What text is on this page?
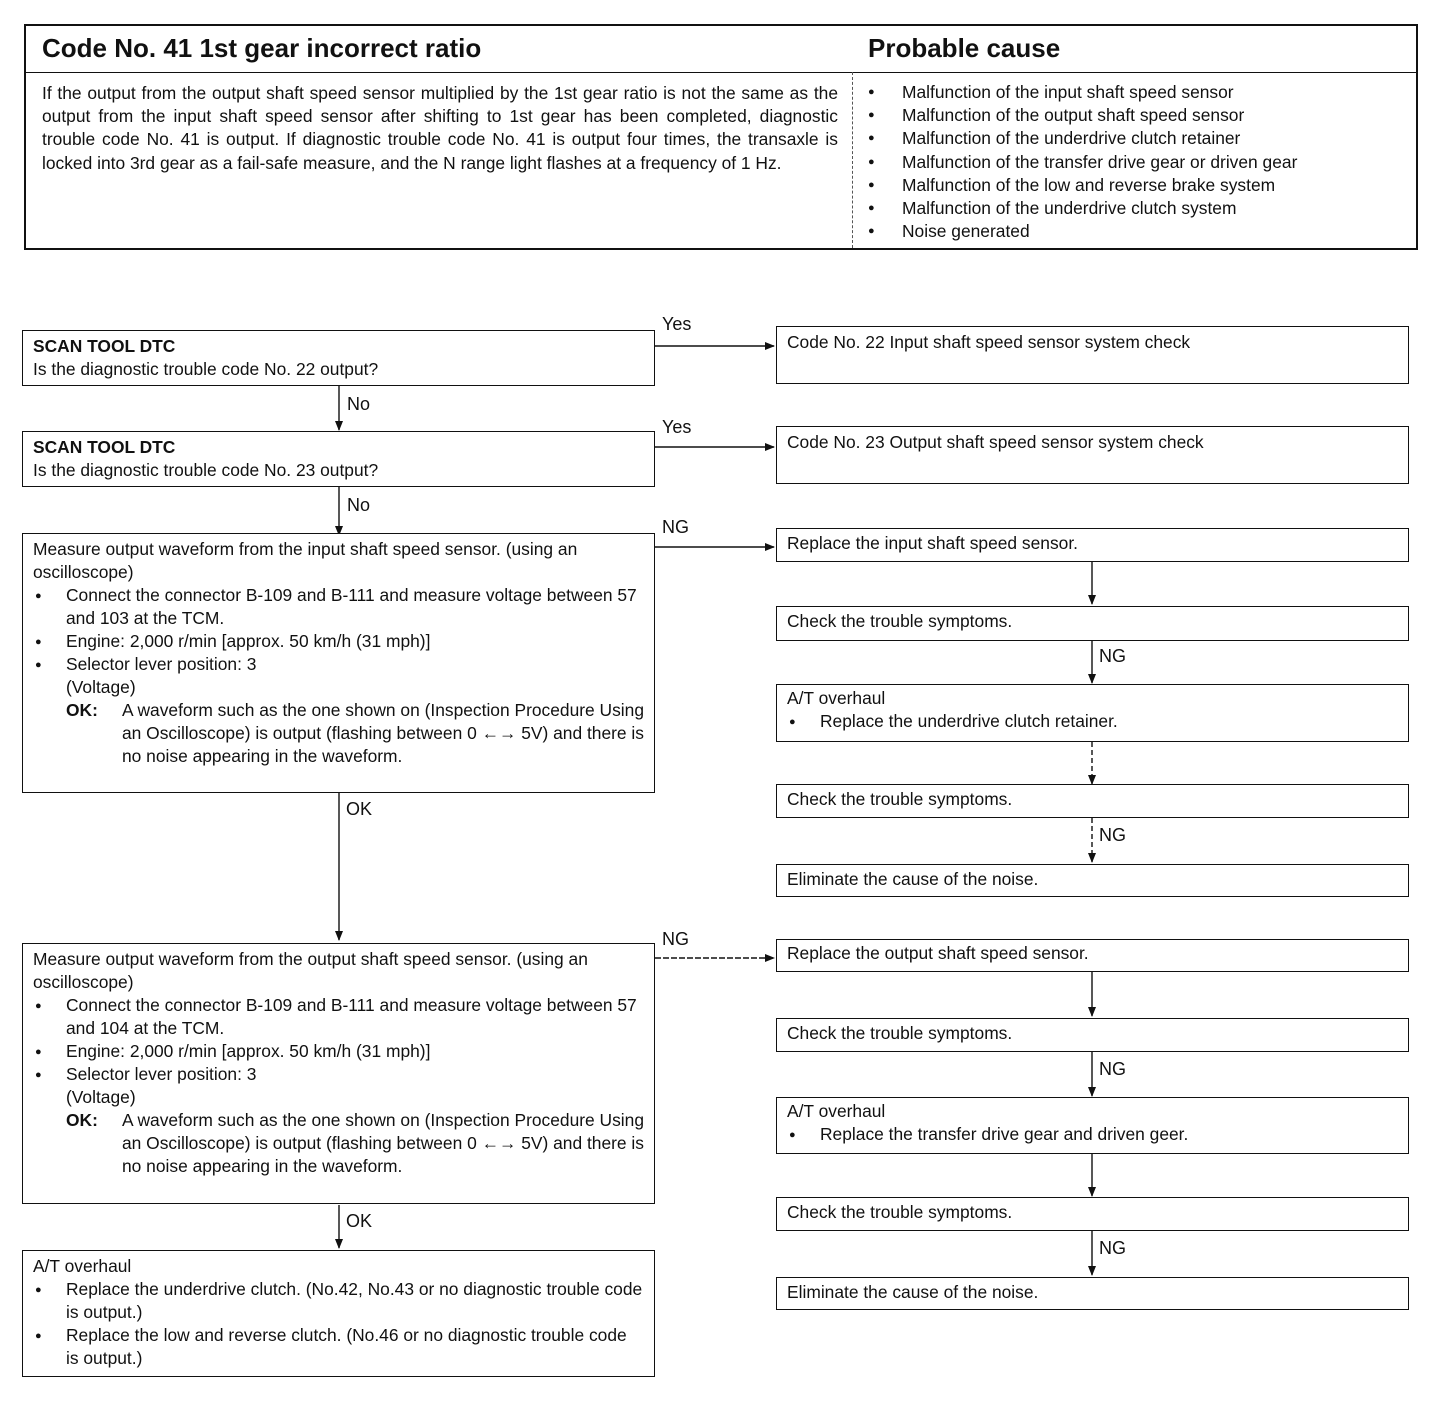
Code No. 41 1st gear incorrect ratio	Probable cause
If the output from the output shaft speed sensor multiplied by the 1st gear ratio is not the same as the output from the input shaft speed sensor after shifting to 1st gear has been completed, diagnostic trouble code No. 41 is output. If diagnostic trouble code No. 41 is output four times, the transaxle is locked into 3rd gear as a fail-safe measure, and the N range light flashes at a frequency of 1 Hz.
● Malfunction of the input shaft speed sensor
● Malfunction of the output shaft speed sensor
● Malfunction of the underdrive clutch retainer
● Malfunction of the transfer drive gear or driven gear
● Malfunction of the low and reverse brake system
● Malfunction of the underdrive clutch system
● Noise generated
SCAN TOOL DTC
Is the diagnostic trouble code No. 22 output?
SCAN TOOL DTC
Is the diagnostic trouble code No. 23 output?
Measure output waveform from the input shaft speed sensor. (using an oscilloscope)
● Connect the connector B-109 and B-111 and measure voltage between 57 and 103 at the TCM.
● Engine: 2,000 r/min [approx. 50 km/h (31 mph)]
● Selector lever position: 3
(Voltage)
OK: A waveform such as the one shown on (Inspection Procedure Using an Oscilloscope) is output (flashing between 0 ←→ 5V) and there is no noise appearing in the waveform.
Measure output waveform from the output shaft speed sensor. (using an oscilloscope)
● Connect the connector B-109 and B-111 and measure voltage between 57 and 104 at the TCM.
● Engine: 2,000 r/min [approx. 50 km/h (31 mph)]
● Selector lever position: 3
(Voltage)
OK: A waveform such as the one shown on (Inspection Procedure Using an Oscilloscope) is output (flashing between 0 ←→ 5V) and there is no noise appearing in the waveform.
A/T overhaul
● Replace the underdrive clutch. (No.42, No.43 or no diagnostic trouble code is output.)
● Replace the low and reverse clutch. (No.46 or no diagnostic trouble code is output.)
Code No. 22 Input shaft speed sensor system check
Code No. 23 Output shaft speed sensor system check
Replace the input shaft speed sensor.
Check the trouble symptoms.
A/T overhaul
● Replace the underdrive clutch retainer.
Check the trouble symptoms.
Eliminate the cause of the noise.
Replace the output shaft speed sensor.
Check the trouble symptoms.
A/T overhaul
● Replace the transfer drive gear and driven geer.
Check the trouble symptoms.
Eliminate the cause of the noise.
Yes
No
Yes
No
NG
OK
NG
OK
NG
NG
NG
NG
